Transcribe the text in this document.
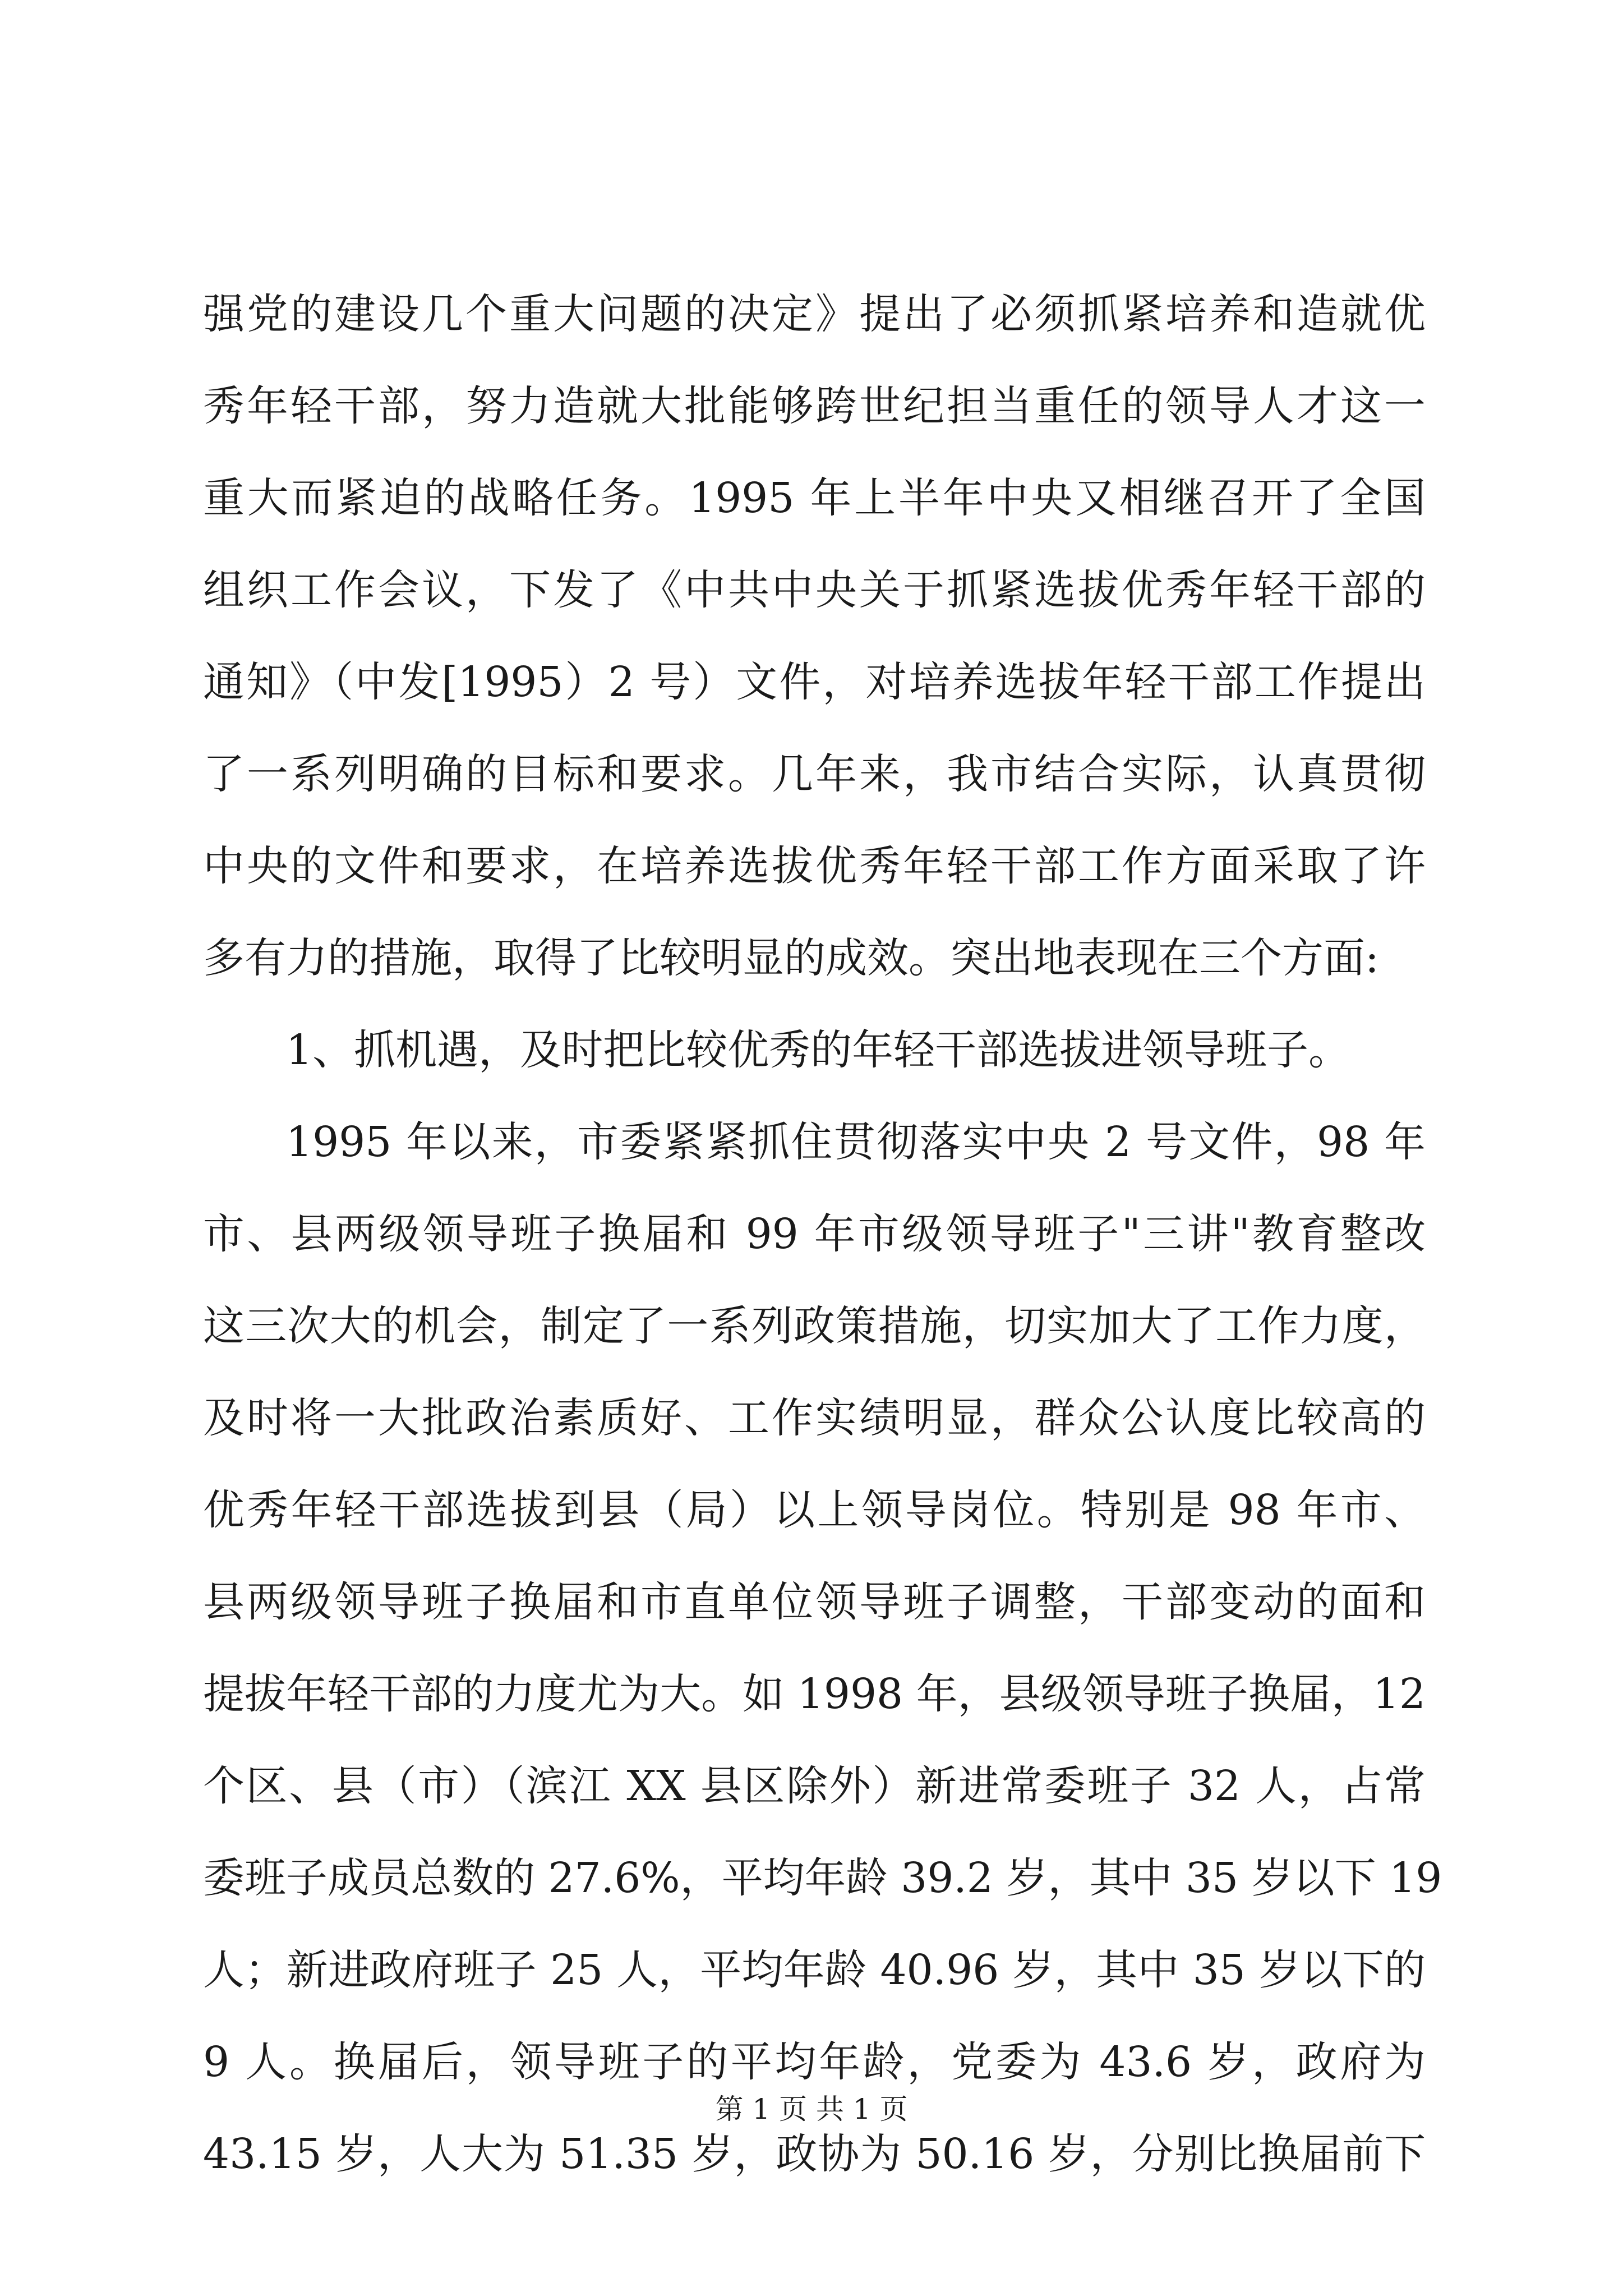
强党的建设几个重大问题的决定》提出了必须抓紧培养和造就优
秀年轻干部，努力造就大批能够跨世纪担当重任的领导人才这一
重大而紧迫的战略任务。1995 年上半年中央又相继召开了全国
组织工作会议，下发了《中共中央关于抓紧选拔优秀年轻干部的
通知》（中发[1995）2 号）文件，对培养选拔年轻干部工作提出
了一系列明确的目标和要求。几年来，我市结合实际，认真贯彻
中央的文件和要求，在培养选拔优秀年轻干部工作方面采取了许
多有力的措施，取得了比较明显的成效。突出地表现在三个方面:
1、抓机遇，及时把比较优秀的年轻干部选拔进领导班子。
1995 年以来，市委紧紧抓住贯彻落实中央 2 号文件，98 年
市、县两级领导班子换届和 99 年市级领导班子"三讲"教育整改
这三次大的机会，制定了一系列政策措施，切实加大了工作力度，
及时将一大批政治素质好、工作实绩明显，群众公认度比较高的
优秀年轻干部选拔到县（局）以上领导岗位。特别是 98 年市、
县两级领导班子换届和市直单位领导班子调整，干部变动的面和
提拔年轻干部的力度尤为大。如 1998 年，县级领导班子换届，12
个区、县（市）（滨江 XX 县区除外）新进常委班子 32 人，占常
委班子成员总数的 27.6%，平均年龄 39.2 岁，其中 35 岁以下 19
人；新进政府班子 25 人，平均年龄 40.96 岁，其中 35 岁以下的
9 人。换届后，领导班子的平均年龄，党委为 43.6 岁，政府为
43.15 岁，人大为 51.35 岁，政协为 50.16 岁，分别比换届前下
第 1 页 共 1 页
